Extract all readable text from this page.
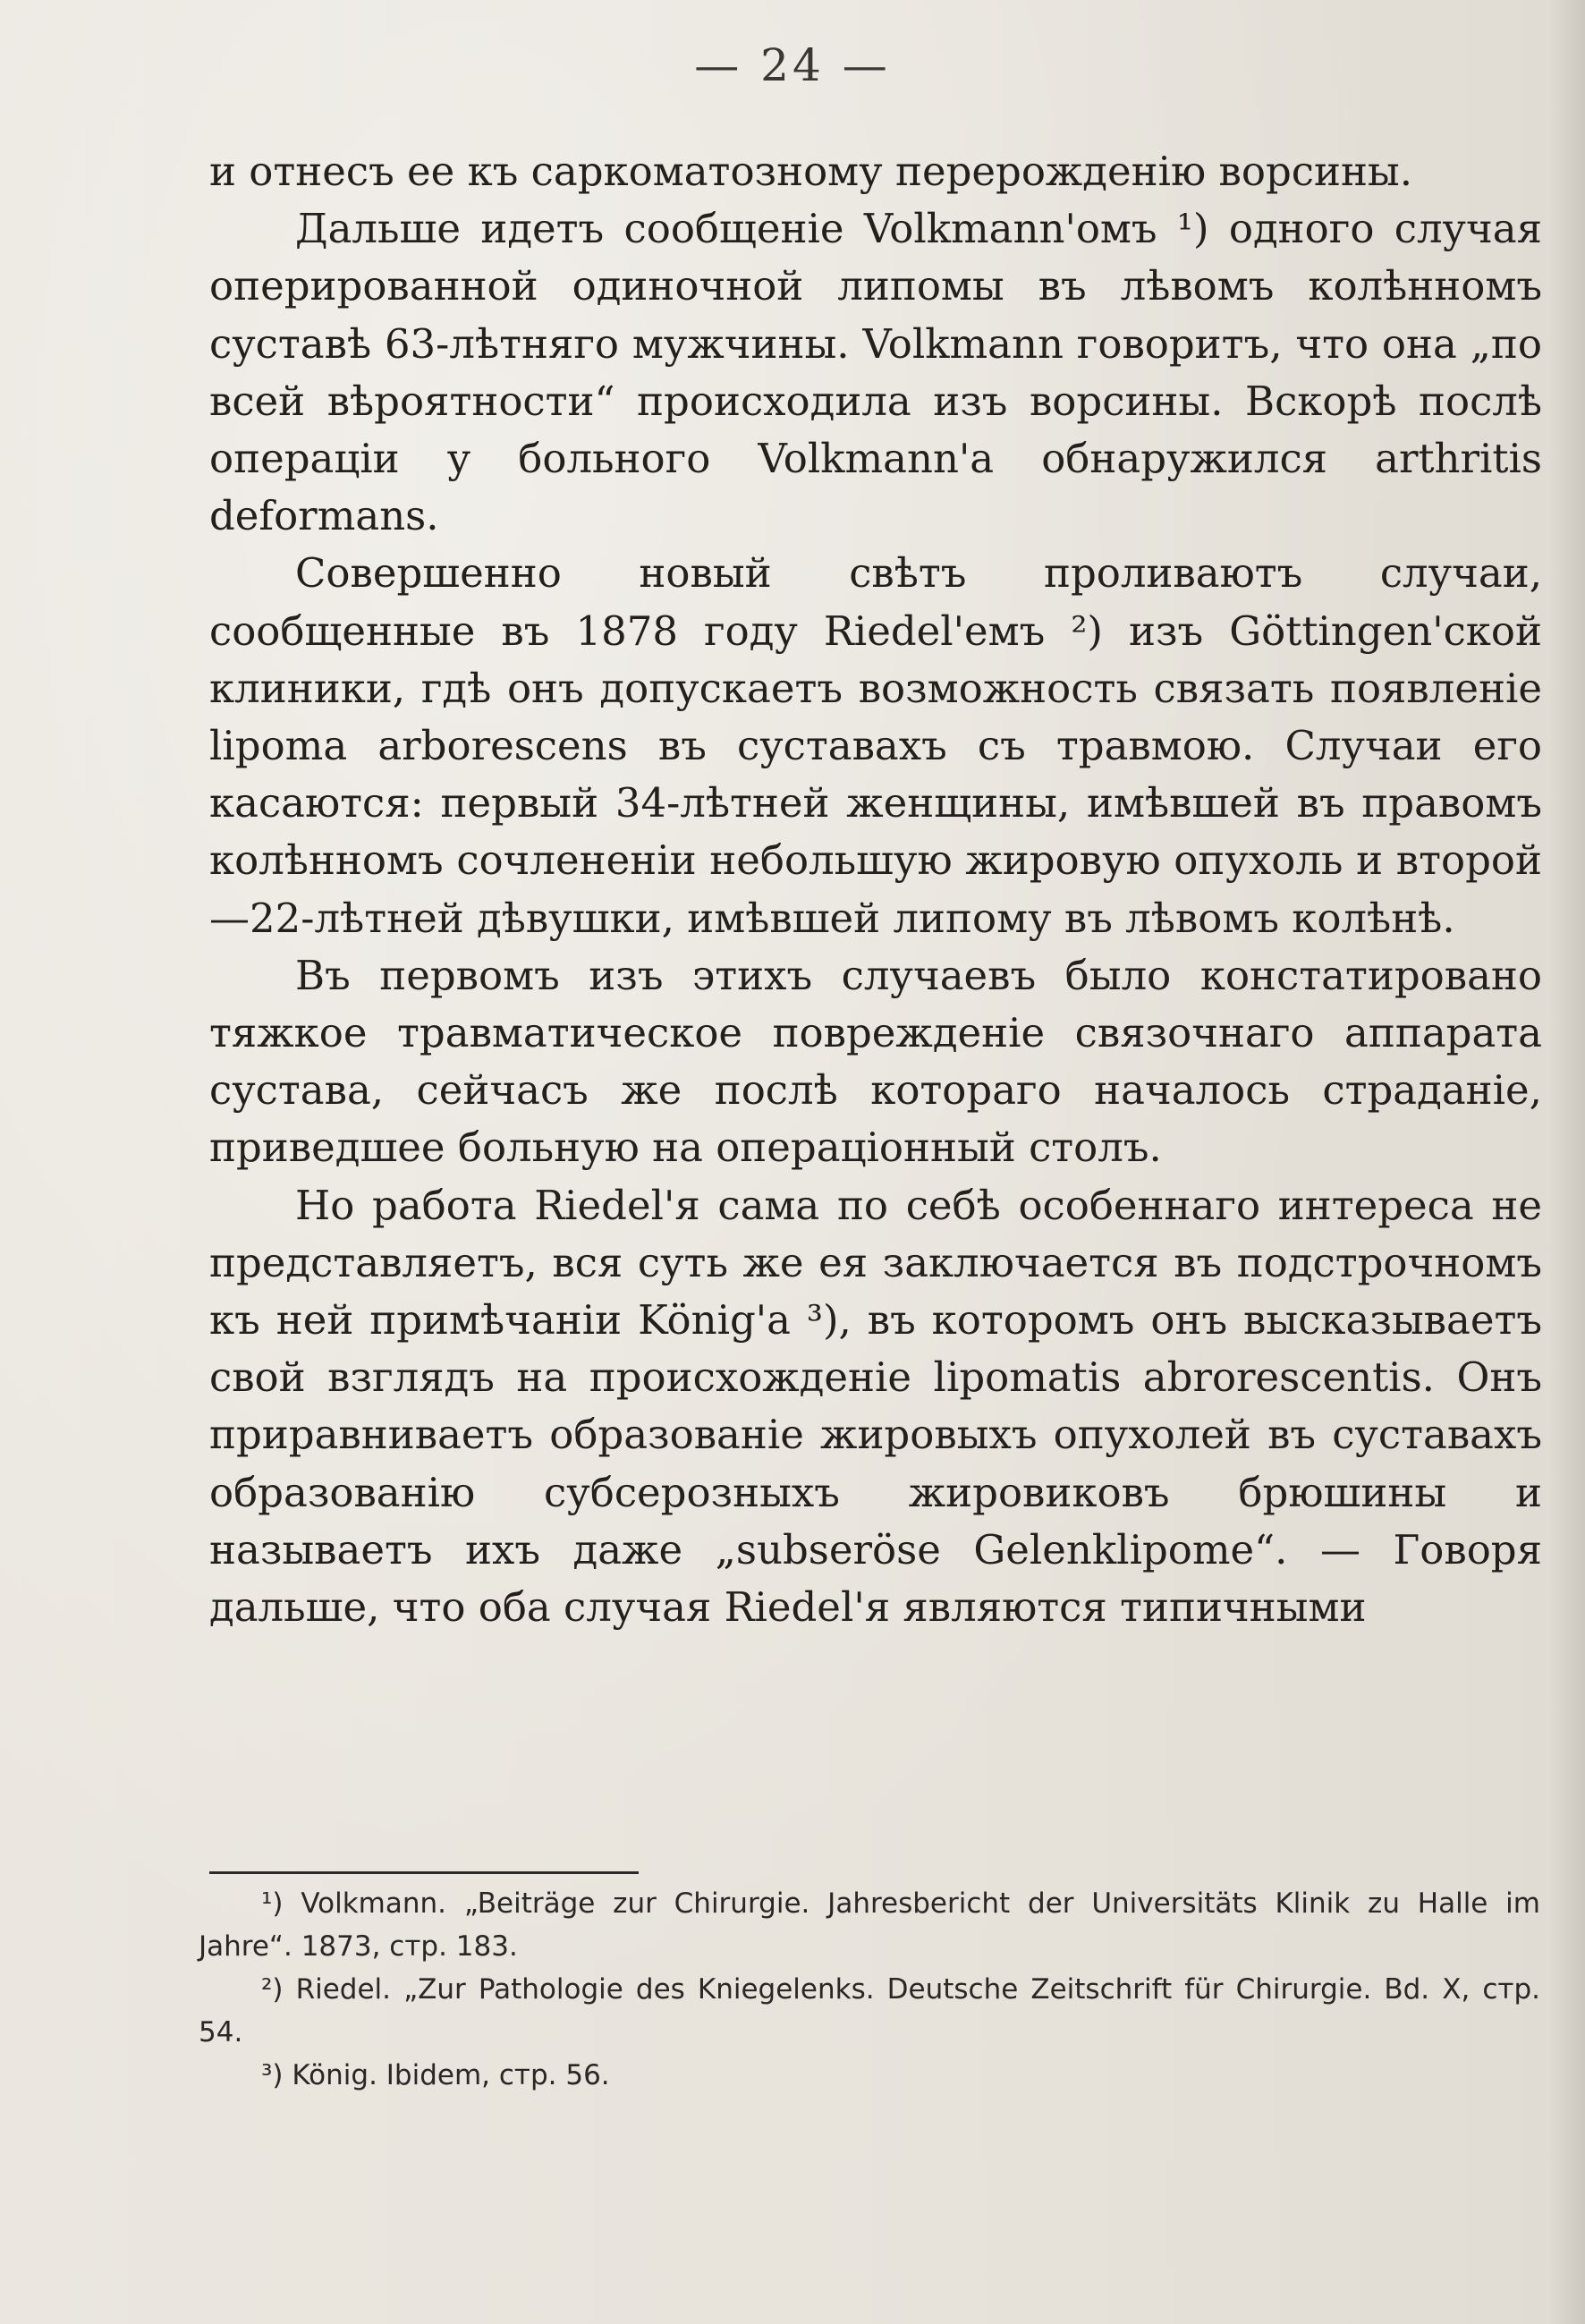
— 24 —

и отнесъ ее къ саркоматозному перерожденію ворсины.

Дальше идетъ сообщеніе Volkmann'омъ ¹) одного случая оперированной одиночной липомы въ лѣвомъ колѣнномъ суставѣ 63-лѣтняго мужчины. Volkmann говоритъ, что она „по всей вѣроятности“ происходила изъ ворсины. Вскорѣ послѣ операціи у больного Volkmann'а обнаружился arthritis deformans.

Совершенно новый свѣтъ проливаютъ случаи, сообщенные въ 1878 году Riedel'емъ ²) изъ Göttingen'ской клиники, гдѣ онъ допускаетъ возможность связать появленіе lipoma arborescens въ суставахъ съ травмою. Случаи его касаются: первый 34-лѣтней женщины, имѣвшей въ правомъ колѣнномъ сочлененіи небольшую жировую опухоль и второй—22-лѣтней дѣвушки, имѣвшей липому въ лѣвомъ колѣнѣ.

Въ первомъ изъ этихъ случаевъ было констатировано тяжкое травматическое поврежденіе связочнаго аппарата сустава, сейчасъ же послѣ котораго началось страданіе, приведшее больную на операціонный столъ.

Но работа Riedel'я сама по себѣ особеннаго интереса не представляетъ, вся суть же ея заключается въ подстрочномъ къ ней примѣчаніи König'а ³), въ которомъ онъ высказываетъ свой взглядъ на происхожденіе lipomatis abrorescentis. Онъ приравниваетъ образованіе жировыхъ опухолей въ суставахъ образованію субсерозныхъ жировиковъ брюшины и называетъ ихъ даже „subseröse Gelenklipome“. — Говоря дальше, что оба случая Riedel'я являются типичными

¹) Volkmann. „Beiträge zur Chirurgie. Jahresbericht der Universitäts Klinik zu Halle im Jahre“. 1873, стр. 183.

²) Riedel. „Zur Pathologie des Kniegelenks. Deutsche Zeitschrift für Chirurgie. Bd. X, стр. 54.

³) König. Ibidem, стр. 56.
